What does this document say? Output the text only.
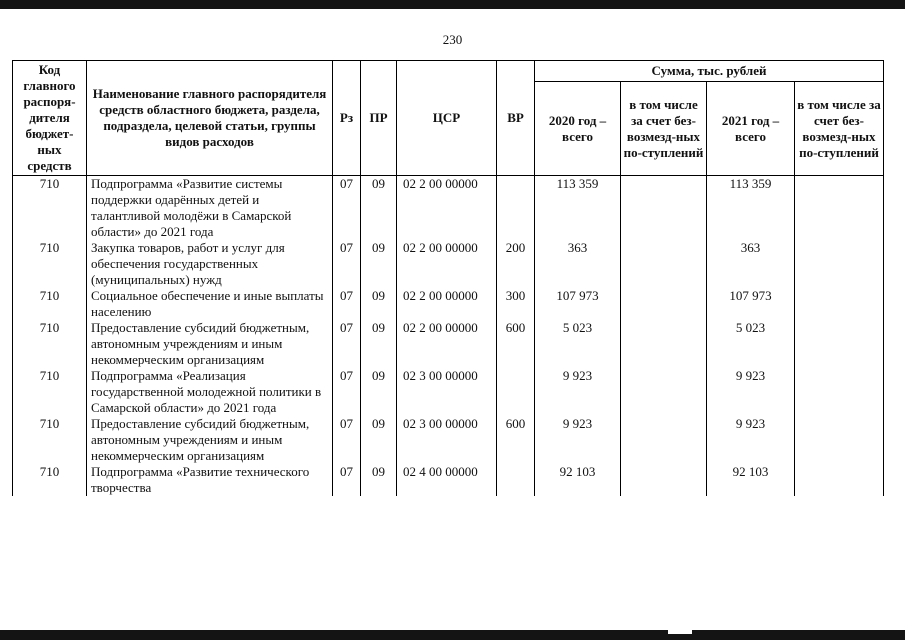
230
Код главного распоря-дителя бюджет-ных средств	Наименование главного распорядителя средств областного бюджета, раздела, подраздела, целевой статьи, группы видов расходов	Рз	ПР	ЦСР	ВР	Сумма, тыс. рублей			
						2020 год – всего	в том числе за счет без-возмезд-ных по-ступлений	2021 год – всего	в том числе за счет без-возмезд-ных по-ступлений
710	Подпрограмма «Развитие системы поддержки одарённых детей и талантливой молодёжи в Самарской области» до 2021 года	07	09	02 2 00 00000		113 359		113 359	
710	Закупка товаров, работ и услуг для обеспечения государственных (муниципальных) нужд	07	09	02 2 00 00000	200	363		363	
710	Социальное обеспечение и иные выплаты населению	07	09	02 2 00 00000	300	107 973		107 973	
710	Предоставление субсидий бюджетным, автономным учреждениям и иным некоммерческим организациям	07	09	02 2 00 00000	600	5 023		5 023	
710	Подпрограмма «Реализация государственной молодежной политики в Самарской области» до 2021 года	07	09	02 3 00 00000		9 923		9 923	
710	Предоставление субсидий бюджетным, автономным учреждениям и иным некоммерческим организациям	07	09	02 3 00 00000	600	9 923		9 923	
710	Подпрограмма «Развитие технического творчества	07	09	02 4 00 00000		92 103		92 103	
